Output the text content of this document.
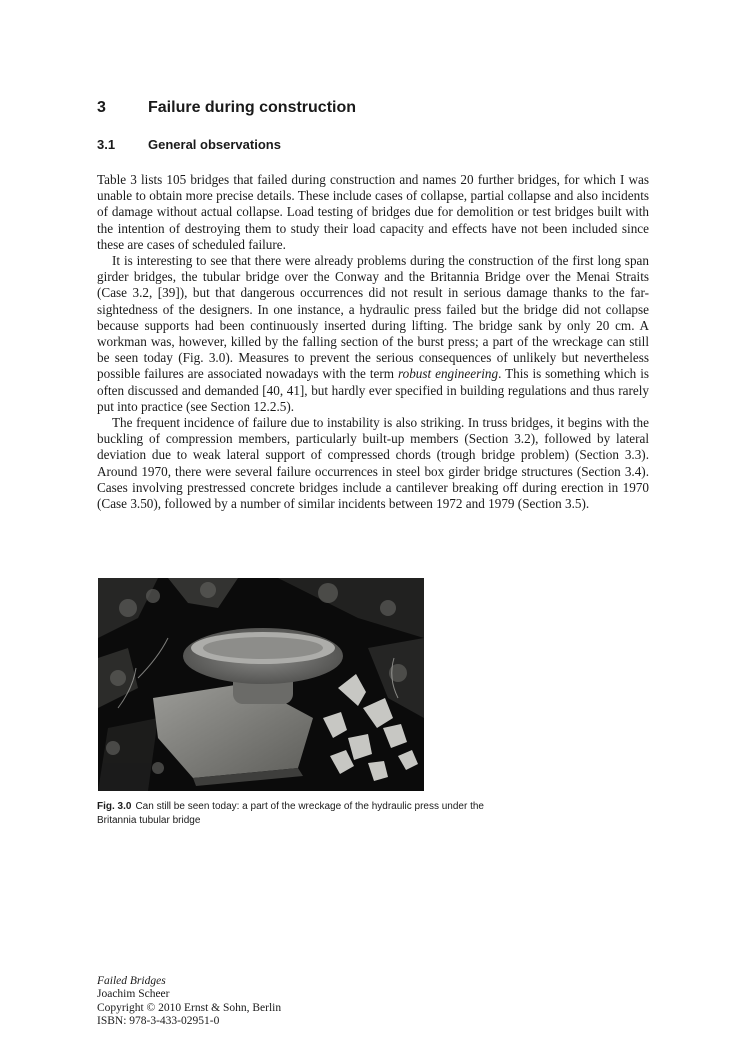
3	Failure during construction
3.1	General observations

Table 3 lists 105 bridges that failed during construction and names 20 further bridges, for which I was unable to obtain more precise details. These include cases of collapse, partial collapse and also incidents of damage without actual collapse. Load testing of bridges due for demolition or test bridges built with the intention of destroying them to study their load capacity and effects have not been included since these are cases of scheduled failure.

It is interesting to see that there were already problems during the construction of the first long span girder bridges, the tubular bridge over the Conway and the Britannia Bridge over the Menai Straits (Case 3.2, [39]), but that dangerous occurrences did not result in serious damage thanks to the far-sightedness of the designers. In one instance, a hydraulic press failed but the bridge did not collapse because supports had been continuously inserted during lifting. The bridge sank by only 20 cm. A workman was, however, killed by the falling section of the burst press; a part of the wreckage can still be seen today (Fig. 3.0). Measures to prevent the serious consequences of unlikely but nevertheless possible failures are associated nowadays with the term robust engineering. This is something which is often discussed and demanded [40, 41], but hardly ever specified in building regulations and thus rarely put into practice (see Section 12.2.5).

The frequent incidence of failure due to instability is also striking. In truss bridges, it begins with the buckling of compression members, particularly built-up members (Section 3.2), followed by lateral deviation due to weak lateral support of compressed chords (trough bridge problem) (Section 3.3). Around 1970, there were several failure occurrences in steel box girder bridge structures (Section 3.4). Cases involving prestressed concrete bridges include a cantilever breaking off during erection in 1970 (Case 3.50), followed by a number of similar incidents between 1972 and 1979 (Section 3.5).

Fig. 3.0 Can still be seen today: a part of the wreckage of the hydraulic press under the Britannia tubular bridge
Failed Bridges
Joachim Scheer
Copyright © 2010 Ernst & Sohn, Berlin
ISBN: 978-3-433-02951-0
